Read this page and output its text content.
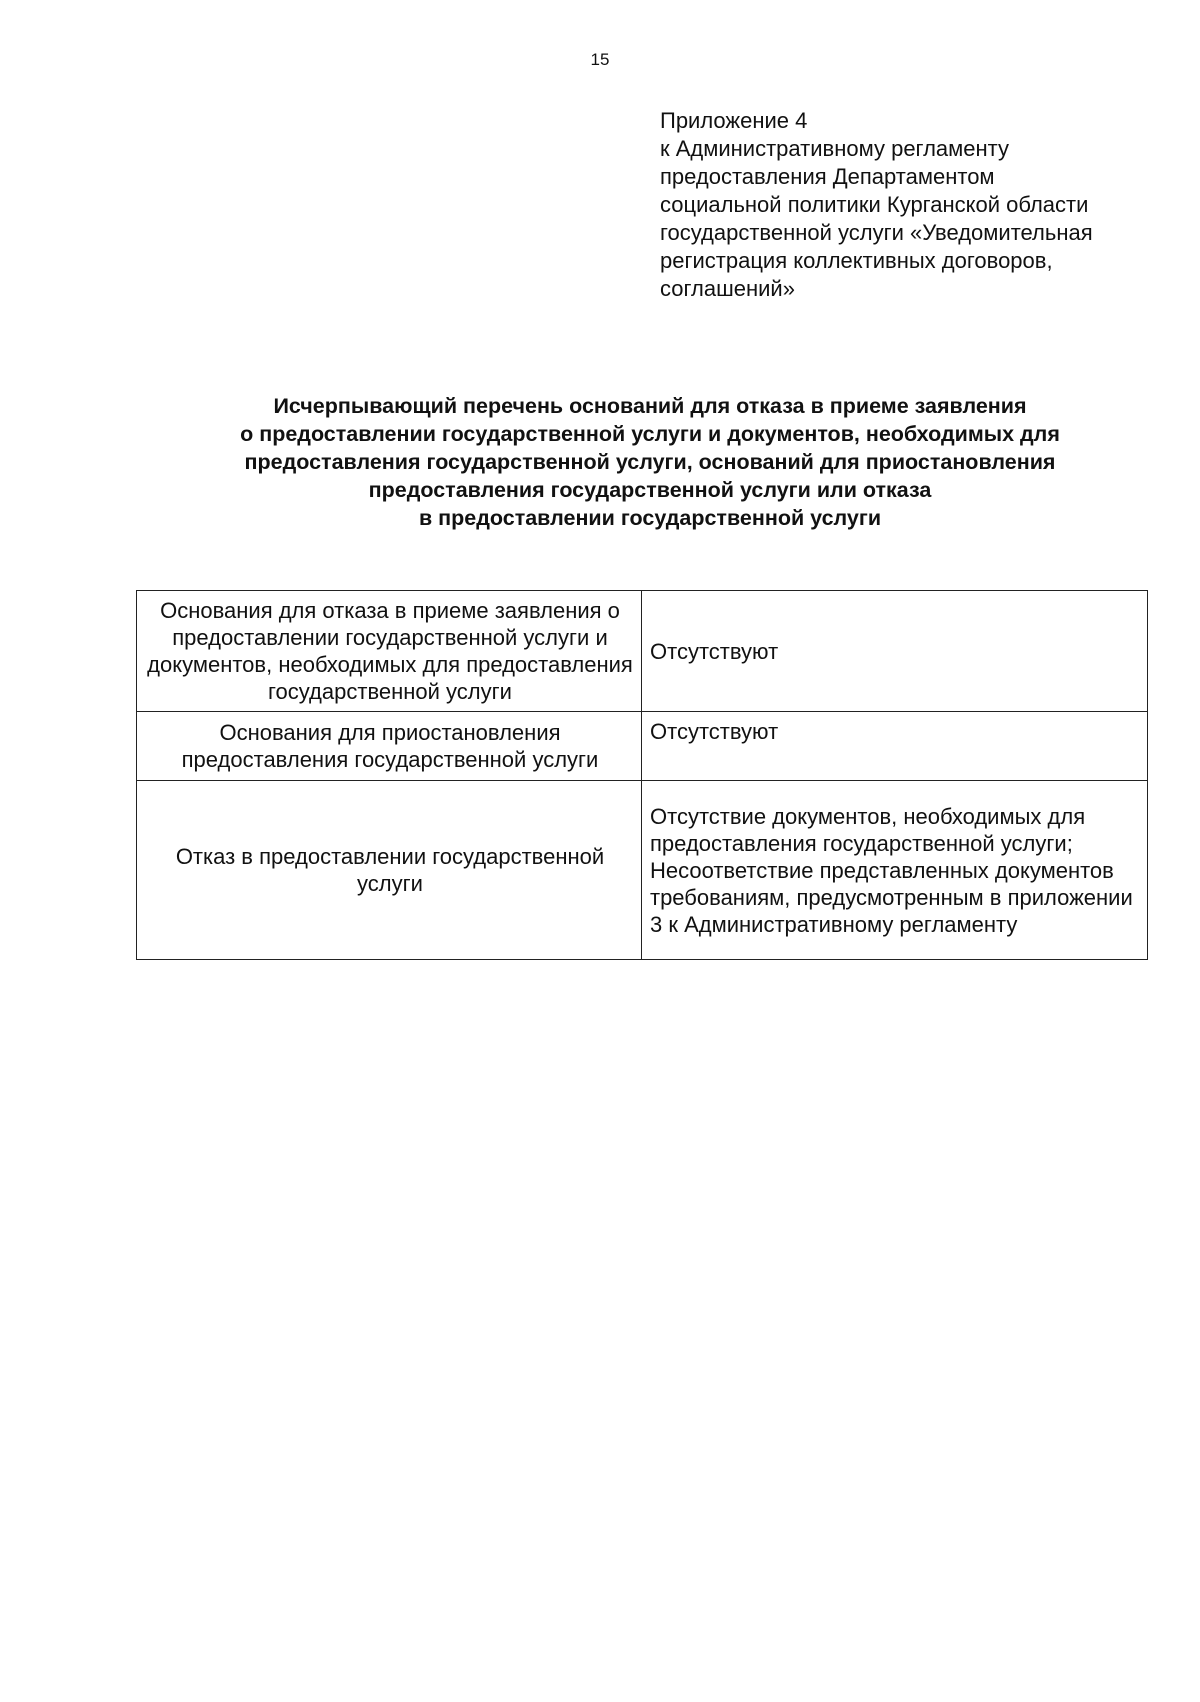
15
Приложение 4
к Административному регламенту
предоставления Департаментом
социальной политики Курганской области
государственной услуги «Уведомительная
регистрация коллективных договоров,
соглашений»
Исчерпывающий перечень оснований для отказа в приеме заявления
о предоставлении государственной услуги и документов, необходимых для
предоставления государственной услуги, оснований для приостановления
предоставления государственной услуги или отказа
в предоставлении государственной услуги
Основания для отказа в приеме заявления о предоставлении государственной услуги и документов, необходимых для предоставления государственной услуги	Отсутствуют

Основания для приостановления предоставления государственной услуги	Отсутствуют

Отказ в предоставлении государственной услуги	Отсутствие документов, необходимых для предоставления государственной услуги;
Несоответствие представленных документов требованиям, предусмотренным в приложении 3 к Административному регламенту
